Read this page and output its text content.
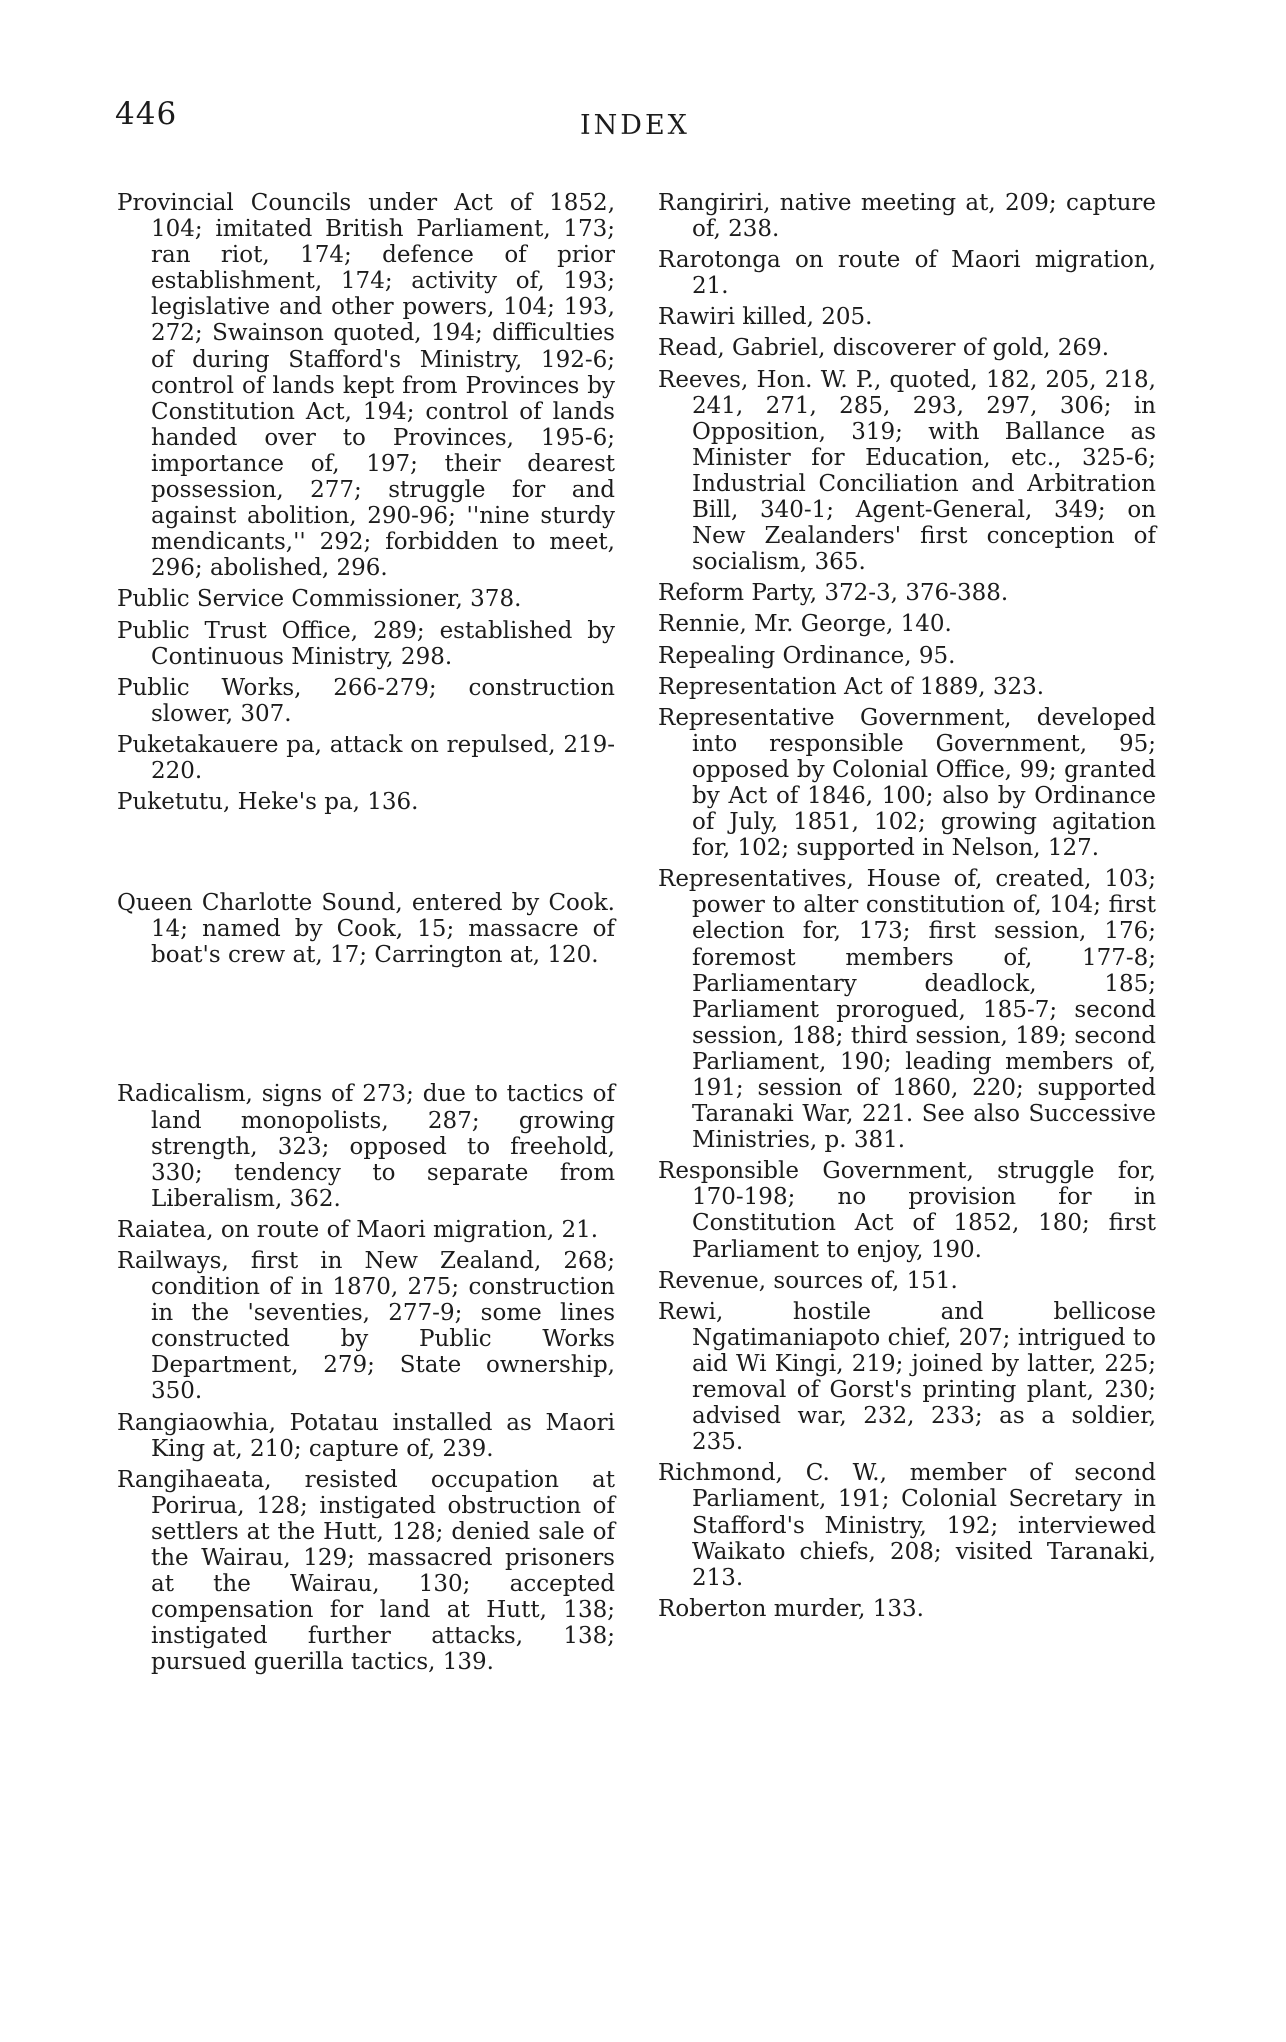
446	INDEX
Provincial Councils under Act of 1852, 104; imitated British Parliament, 173; ran riot, 174; defence of prior establishment, 174; activity of, 193; legislative and other powers, 104; 193, 272; Swainson quoted, 194; difficulties of during Stafford's Ministry, 192-6; control of lands kept from Provinces by Constitution Act, 194; control of lands handed over to Provinces, 195-6; importance of, 197; their dearest possession, 277; struggle for and against abolition, 290-96; ''nine sturdy mendicants,'' 292; forbidden to meet, 296; abolished, 296.
Public Service Commissioner, 378.
Public Trust Office, 289; established by Continuous Ministry, 298.
Public Works, 266-279; construction slower, 307.
Puketakauere pa, attack on repulsed, 219-220.
Puketutu, Heke's pa, 136.
Queen Charlotte Sound, entered by Cook. 14; named by Cook, 15; massacre of boat's crew at, 17; Carrington at, 120.
Radicalism, signs of 273; due to tactics of land monopolists, 287; growing strength, 323; opposed to freehold, 330; tendency to separate from Liberalism, 362.
Raiatea, on route of Maori migration, 21.
Railways, first in New Zealand, 268; condition of in 1870, 275; construction in the 'seventies, 277-9; some lines constructed by Public Works Department, 279; State ownership, 350.
Rangiaowhia, Potatau installed as Maori King at, 210; capture of, 239.
Rangihaeata, resisted occupation at Porirua, 128; instigated obstruction of settlers at the Hutt, 128; denied sale of the Wairau, 129; massacred prisoners at the Wairau, 130; accepted compensation for land at Hutt, 138; instigated further attacks, 138; pursued guerilla tactics, 139.
Rangiriri, native meeting at, 209; capture of, 238.
Rarotonga on route of Maori migration, 21.
Rawiri killed, 205.
Read, Gabriel, discoverer of gold, 269.
Reeves, Hon. W. P., quoted, 182, 205, 218, 241, 271, 285, 293, 297, 306; in Opposition, 319; with Ballance as Minister for Education, etc., 325-6; Industrial Conciliation and Arbitration Bill, 340-1; Agent-General, 349; on New Zealanders' first conception of socialism, 365.
Reform Party, 372-3, 376-388.
Rennie, Mr. George, 140.
Repealing Ordinance, 95.
Representation Act of 1889, 323.
Representative Government, developed into responsible Government, 95; opposed by Colonial Office, 99; granted by Act of 1846, 100; also by Ordinance of July, 1851, 102; growing agitation for, 102; supported in Nelson, 127.
Representatives, House of, created, 103; power to alter constitution of, 104; first election for, 173; first session, 176; foremost members of, 177-8; Parliamentary deadlock, 185; Parliament prorogued, 185-7; second session, 188; third session, 189; second Parliament, 190; leading members of, 191; session of 1860, 220; supported Taranaki War, 221. See also Successive Ministries, p. 381.
Responsible Government, struggle for, 170-198; no provision for in Constitution Act of 1852, 180; first Parliament to enjoy, 190.
Revenue, sources of, 151.
Rewi, hostile and bellicose Ngatimaniapoto chief, 207; intrigued to aid Wi Kingi, 219; joined by latter, 225; removal of Gorst's printing plant, 230; advised war, 232, 233; as a soldier, 235.
Richmond, C. W., member of second Parliament, 191; Colonial Secretary in Stafford's Ministry, 192; interviewed Waikato chiefs, 208; visited Taranaki, 213.
Roberton murder, 133.
